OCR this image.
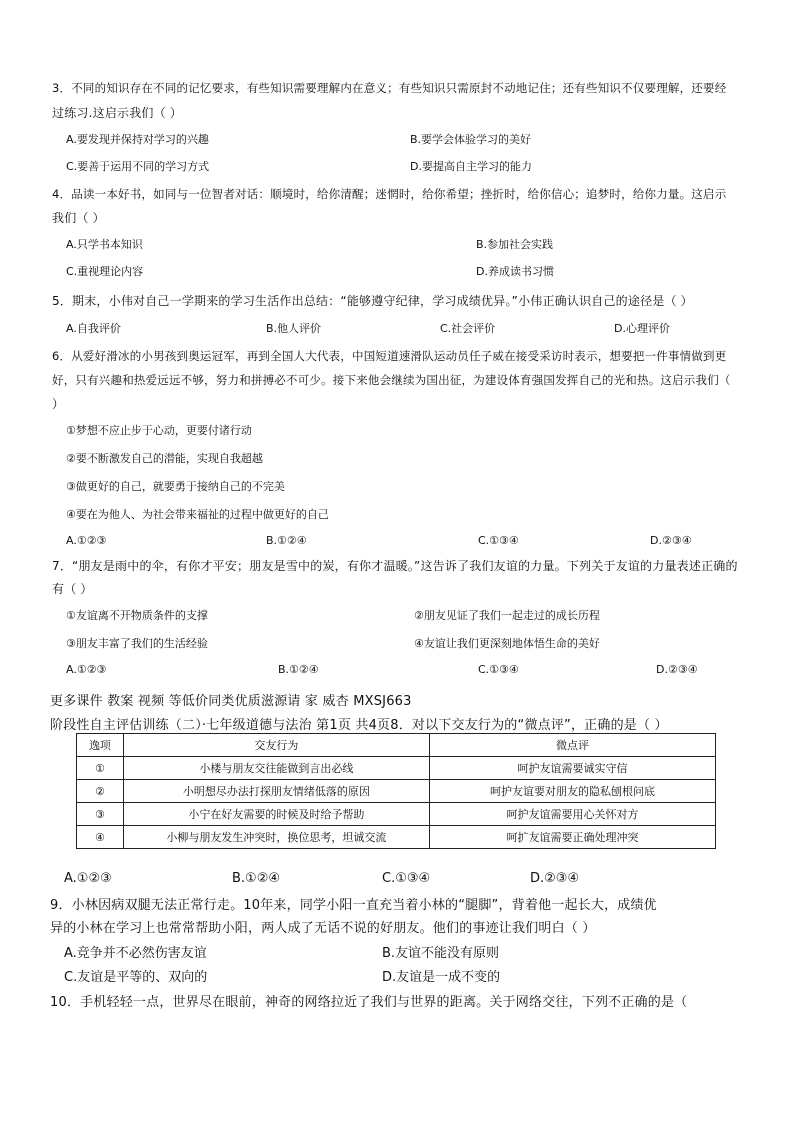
3．不同的知识存在不同的记忆要求，有些知识需要理解内在意义；有些知识只需原封不动地记住；还有些知识不仅要理解，还要经
过练习.这启示我们（ ）
A.要发现并保持对学习的兴趣	B.要学会体验学习的美好
C.要善于运用不同的学习方式	D.要提高自主学习的能力
4．品读一本好书，如同与一位智者对话：顺境时，给你清醒；迷惘时，给你希望；挫折时，给你信心；追梦时，给你力量。这启示
我们（ ）
A.只学书本知识	B.参加社会实践
C.重视理论内容	D.养成读书习惯
5．期末，小伟对自己一学期来的学习生活作出总结：“能够遵守纪律，学习成绩优异。”小伟正确认识自己的途径是（ ）
A.自我评价	B.他人评价	C.社会评价	D.心理评价
6．从爱好滑冰的小男孩到奥运冠军，再到全国人大代表，中国短道速滑队运动员任子威在接受采访时表示，想要把一件事情做到更
好，只有兴趣和热爱远远不够，努力和拼搏必不可少。接下来他会继续为国出征，为建设体育强国发挥自己的光和热。这启示我们（
）
①梦想不应止步于心动，更要付诸行动
②要不断激发自己的潜能，实现自我超越
③做更好的自己，就要勇于接纳自己的不完美
④要在为他人、为社会带来福祉的过程中做更好的自己
A.①②③	B.①②④	C.①③④	D.②③④
7．“朋友是雨中的伞，有你才平安；朋友是雪中的炭，有你才温暖。”这告诉了我们友谊的力量。下列关于友谊的力量表述正确的
有（ ）
①友谊离不开物质条件的支撑	②朋友见证了我们一起走过的成长历程
③朋友丰富了我们的生活经验	④友谊让我们更深刻地体悟生命的美好
A.①②③	B.①②④	C.①③④	D.②③④
更多课件 教案 视频 等低价同类优质滋源请 家 威杏 MXSJ663
阶段性自主评估训练（二）·七年级道德与法治 第1页 共4页8．对以下交友行为的“微点评”，正确的是（ ）
逸项	交友行为	微点评
①	小楼与朋友交往能做到言出必线	呵护友谊需要诚实守信
②	小明想尽办法打探朋友情绪低落的原因	呵护友谊要对朋友的隐私刨根问底
③	小宁在好友需要的时候及时给予帮助	呵护友谊需要用心关怀对方
④	小柳与朋友发生冲突时，换位思考，坦诚交流	呵扩友谊需要正确处理冲突
A.①②③	B.①②④	C.①③④	D.②③④
9．小林因病双腿无法正常行走。10年来，同学小阳一直充当着小林的“腿脚”，背着他一起长大，成绩优
异的小林在学习上也常常帮助小阳，两人成了无话不说的好朋友。他们的事迹让我们明白（ ）
A.竞争并不必然伤害友谊	B.友谊不能没有原则
C.友谊是平等的、双向的	D.友谊是一成不变的
10．手机轻轻一点，世界尽在眼前，神奇的网络拉近了我们与世界的距离。关于网络交往，下列不正确的是（
